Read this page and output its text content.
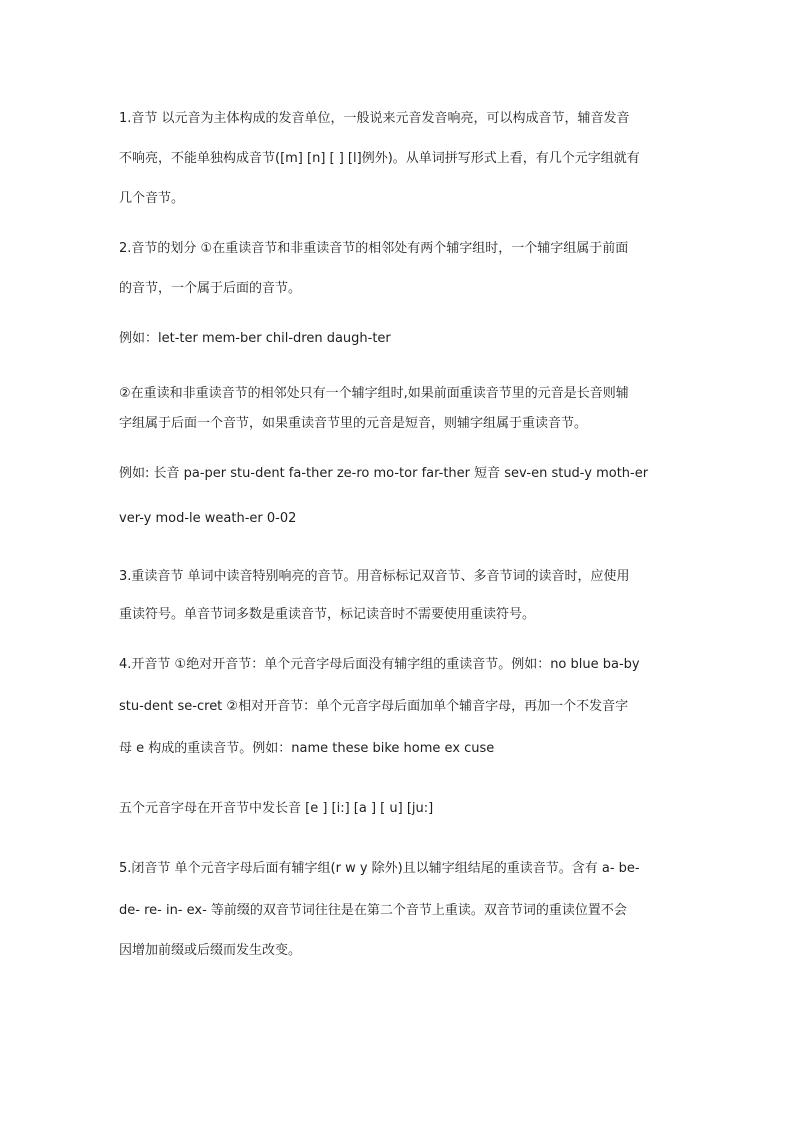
1.音节 以元音为主体构成的发音单位，一般说来元音发音响亮，可以构成音节，辅音发音
不响亮，不能单独构成音节([m] [n] [ ] [l]例外)。从单词拼写形式上看，有几个元字组就有
几个音节。
2.音节的划分 ①在重读音节和非重读音节的相邻处有两个辅字组时，一个辅字组属于前面
的音节，一个属于后面的音节。
例如：let-ter mem-ber chil-dren daugh-ter
②在重读和非重读音节的相邻处只有一个辅字组时,如果前面重读音节里的元音是长音则辅
字组属于后面一个音节，如果重读音节里的元音是短音，则辅字组属于重读音节。
例如: 长音 pa-per stu-dent fa-ther ze-ro mo-tor far-ther 短音 sev-en stud-y moth-er
ver-y mod-le weath-er 0-02
3.重读音节 单词中读音特别响亮的音节。用音标标记双音节、多音节词的读音时，应使用
重读符号。单音节词多数是重读音节，标记读音时不需要使用重读符号。
4.开音节 ①绝对开音节：单个元音字母后面没有辅字组的重读音节。例如：no blue ba-by
stu-dent se-cret ②相对开音节：单个元音字母后面加单个辅音字母，再加一个不发音字
母 e 构成的重读音节。例如：name these bike home ex cuse
五个元音字母在开音节中发长音 [e ] [i:] [a ] [ u] [ju:]
5.闭音节 单个元音字母后面有辅字组(r w y 除外)且以辅字组结尾的重读音节。含有 a- be-
de- re- in- ex- 等前缀的双音节词往往是在第二个音节上重读。双音节词的重读位置不会
因增加前缀或后缀而发生改变。
